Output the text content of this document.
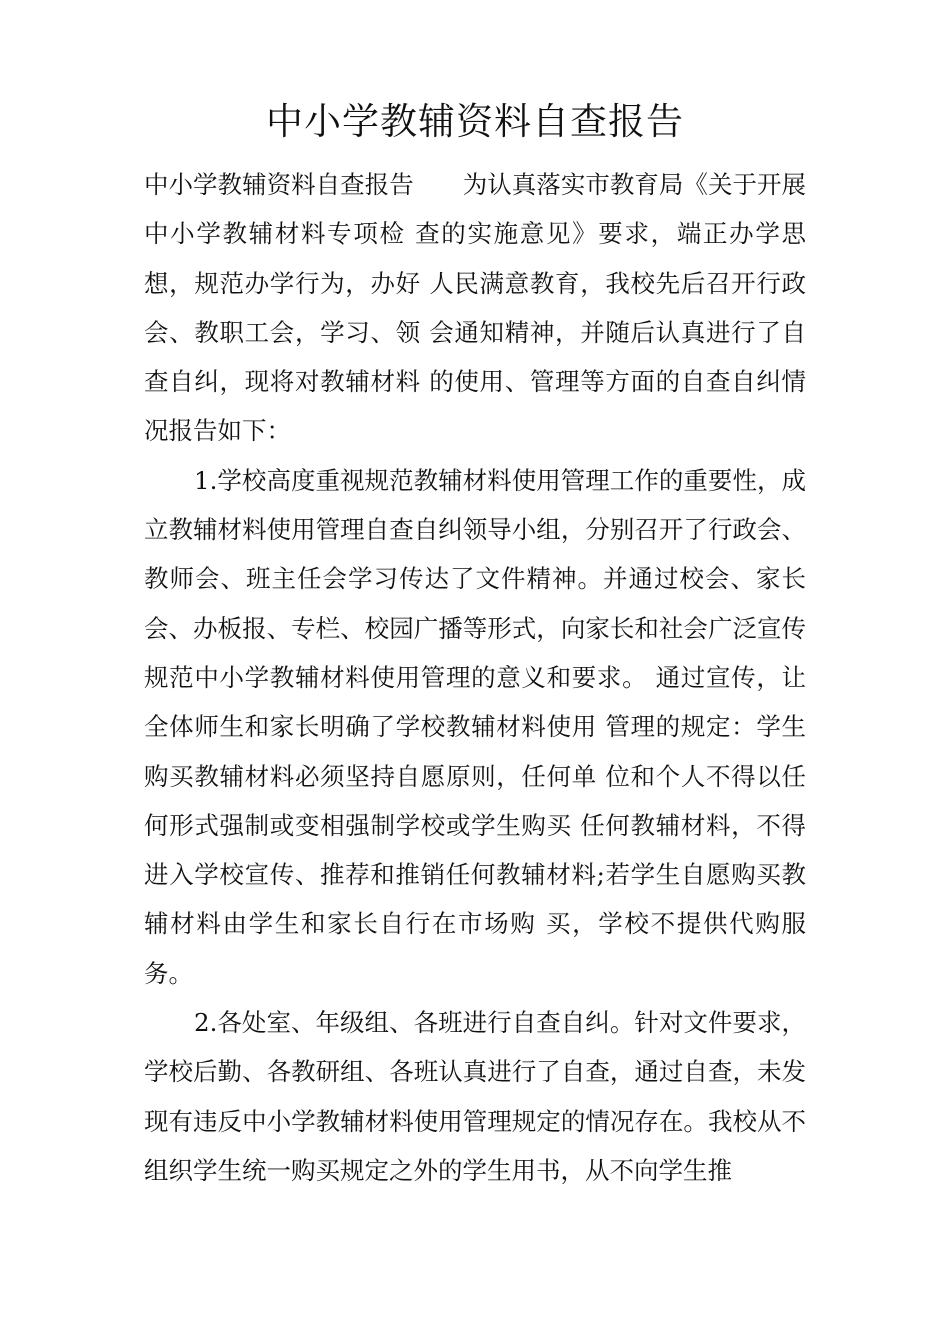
中小学教辅资料自查报告

中小学教辅资料自查报告　　为认真落实市教育局《关于开展中小学教辅材料专项检 查的实施意见》要求，端正办学思想，规范办学行为，办好 人民满意教育，我校先后召开行政会、教职工会，学习、领 会通知精神，并随后认真进行了自查自纠，现将对教辅材料 的使用、管理等方面的自查自纠情况报告如下：

1.学校高度重视规范教辅材料使用管理工作的重要性，成立教辅材料使用管理自查自纠领导小组，分别召开了行政会、教师会、班主任会学习传达了文件精神。并通过校会、家长会、办板报、专栏、校园广播等形式，向家长和社会广泛宣传规范中小学教辅材料使用管理的意义和要求。 通过宣传，让全体师生和家长明确了学校教辅材料使用 管理的规定：学生购买教辅材料必须坚持自愿原则，任何单 位和个人不得以任何形式强制或变相强制学校或学生购买 任何教辅材料，不得进入学校宣传、推荐和推销任何教辅材料;若学生自愿购买教辅材料由学生和家长自行在市场购 买，学校不提供代购服务。

2.各处室、年级组、各班进行自查自纠。针对文件要求，学校后勤、各教研组、各班认真进行了自查，通过自查，未发现有违反中小学教辅材料使用管理规定的情况存在。我校从不组织学生统一购买规定之外的学生用书，从不向学生推
